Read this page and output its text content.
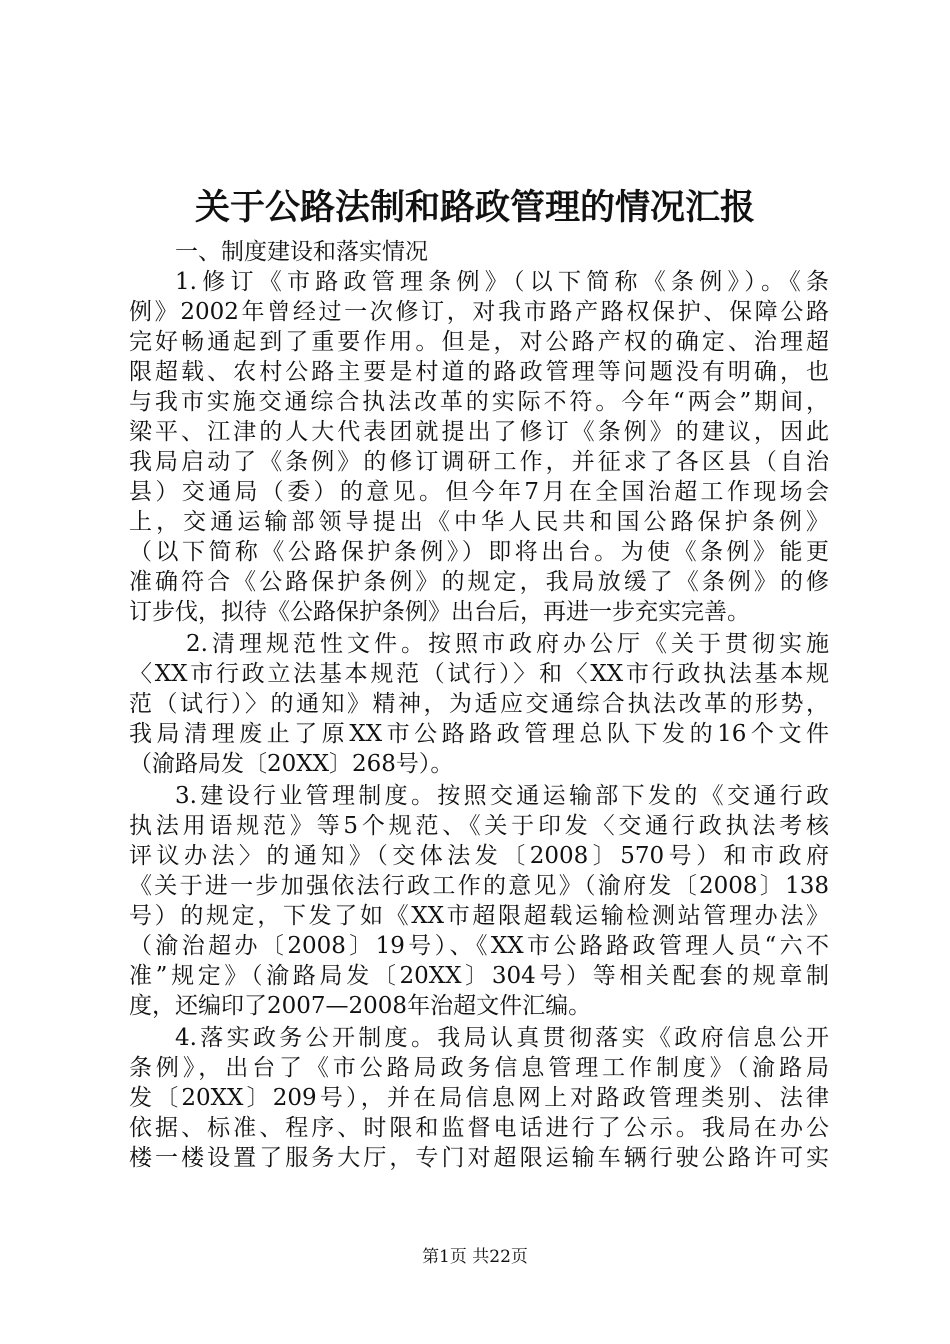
关于公路法制和路政管理的情况汇报
一、制度建设和落实情况
1.修订《市路政管理条例》（以下简称《条例》）。《条
例》2002年曾经过一次修订，对我市路产路权保护、保障公路
完好畅通起到了重要作用。但是，对公路产权的确定、治理超
限超载、农村公路主要是村道的路政管理等问题没有明确，也
与我市实施交通综合执法改革的实际不符。今年“两会”期间，
梁平、江津的人大代表团就提出了修订《条例》的建议，因此
我局启动了《条例》的修订调研工作，并征求了各区县（自治
县）交通局（委）的意见。但今年7月在全国治超工作现场会
上，交通运输部领导提出《中华人民共和国公路保护条例》
（以下简称《公路保护条例》）即将出台。为使《条例》能更
准确符合《公路保护条例》的规定，我局放缓了《条例》的修
订步伐，拟待《公路保护条例》出台后，再进一步充实完善。
2.清理规范性文件。按照市政府办公厅《关于贯彻实施
〈XX市行政立法基本规范（试行）〉和〈XX市行政执法基本规
范（试行）〉的通知》精神，为适应交通综合执法改革的形势，
我局清理废止了原XX市公路路政管理总队下发的16个文件
（渝路局发〔20XX〕268号）。
3.建设行业管理制度。按照交通运输部下发的《交通行政
执法用语规范》等5个规范、《关于印发〈交通行政执法考核
评议办法〉的通知》（交体法发〔2008〕570号）和市政府
《关于进一步加强依法行政工作的意见》（渝府发〔2008〕138
号）的规定，下发了如《XX市超限超载运输检测站管理办法》
（渝治超办〔2008〕19号）、《XX市公路路政管理人员“六不
准”规定》（渝路局发〔20XX〕304号）等相关配套的规章制
度，还编印了2007—2008年治超文件汇编。
4.落实政务公开制度。我局认真贯彻落实《政府信息公开
条例》，出台了《市公路局政务信息管理工作制度》（渝路局
发〔20XX〕209号），并在局信息网上对路政管理类别、法律
依据、标准、程序、时限和监督电话进行了公示。我局在办公
楼一楼设置了服务大厅，专门对超限运输车辆行驶公路许可实
第1页 共22页
